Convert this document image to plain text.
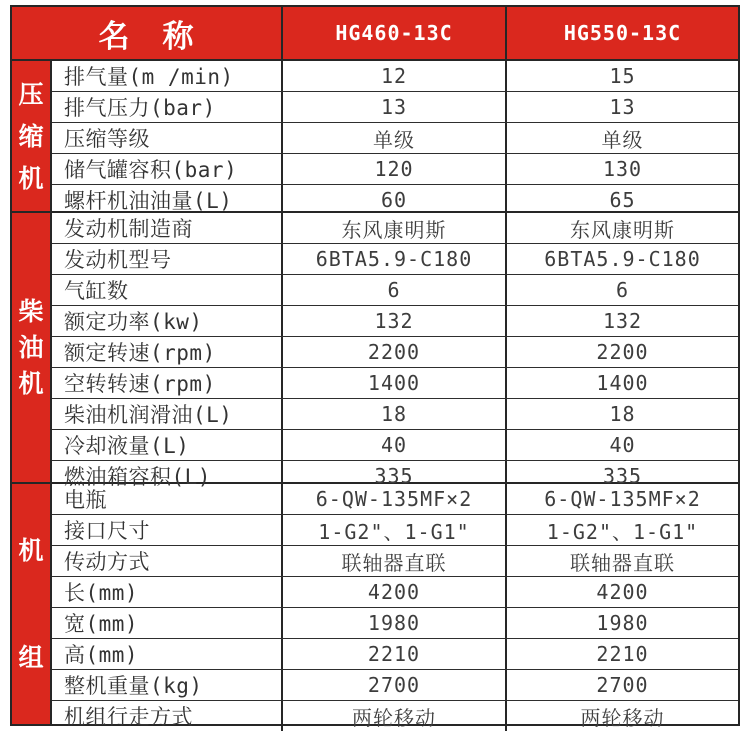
名　称	HG460-13C	HG550-13C
压
缩
机
排气量(m /min)	12	15
排气压力(bar)	13	13
压缩等级	单级	单级
储气罐容积(bar)	120	130
螺杆机油油量(L)	60	65
柴
油
机
发动机制造商	东风康明斯	东风康明斯
发动机型号	6BTA5.9-C180	6BTA5.9-C180
气缸数	6	6
额定功率(kw)	132	132
额定转速(rpm)	2200	2200
空转转速(rpm)	1400	1400
柴油机润滑油(L)	18	18
冷却液量(L)	40	40
燃油箱容积(L)	335	335
机
组
电瓶	6-QW-135MF×2	6-QW-135MF×2
接口尺寸	1-G2"、1-G1"	1-G2"、1-G1"
传动方式	联轴器直联	联轴器直联
长(mm)	4200	4200
宽(mm)	1980	1980
高(mm)	2210	2210
整机重量(kg)	2700	2700
机组行走方式	两轮移动	两轮移动
